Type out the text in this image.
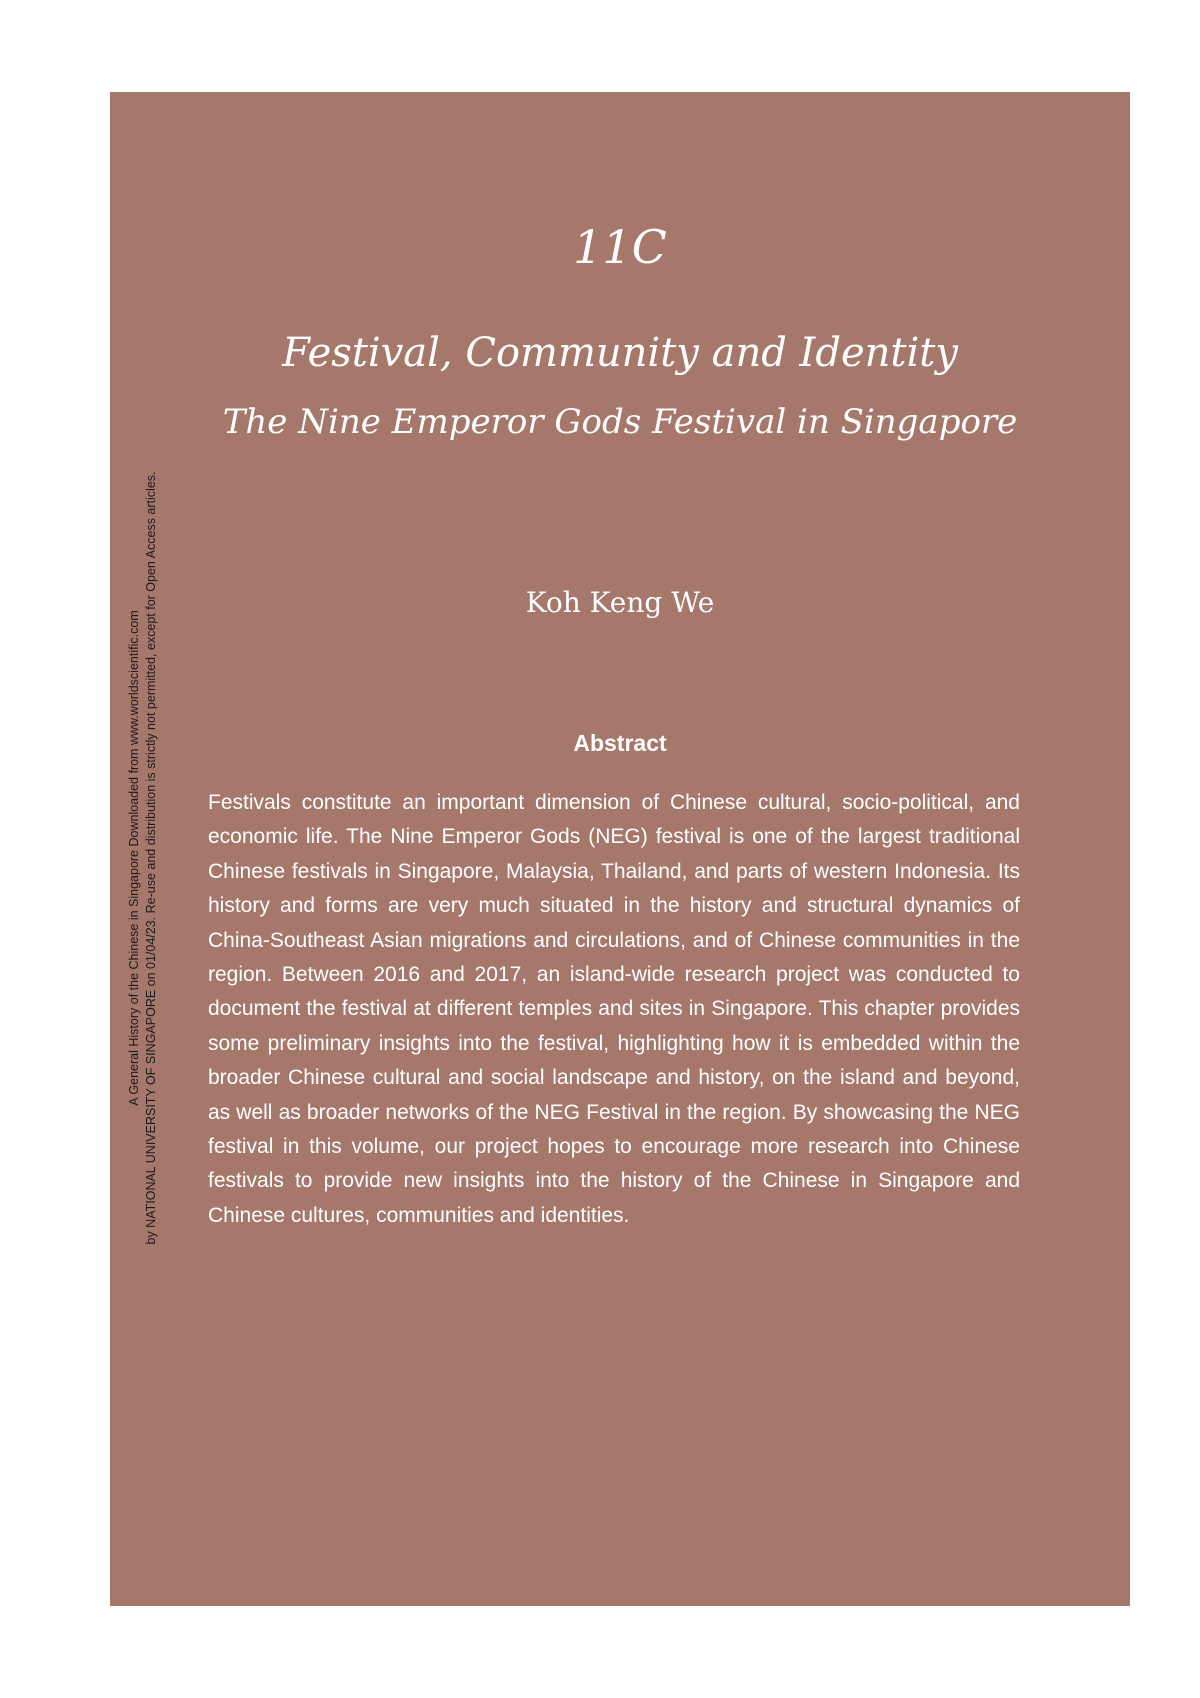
11C
Festival, Community and Identity
The Nine Emperor Gods Festival in Singapore
Koh Keng We
Abstract
Festivals constitute an important dimension of Chinese cultural, socio-political, and economic life. The Nine Emperor Gods (NEG) festival is one of the largest traditional Chinese festivals in Singapore, Malaysia, Thailand, and parts of western Indonesia. Its history and forms are very much situated in the history and structural dynamics of China-Southeast Asian migrations and circulations, and of Chinese communities in the region. Between 2016 and 2017, an island-wide research project was conducted to document the festival at different temples and sites in Singapore. This chapter provides some preliminary insights into the festival, highlighting how it is embedded within the broader Chinese cultural and social landscape and history, on the island and beyond, as well as broader networks of the NEG Festival in the region. By showcasing the NEG festival in this volume, our project hopes to encourage more research into Chinese festivals to provide new insights into the history of the Chinese in Singapore and Chinese cultures, communities and identities.
A General History of the Chinese in Singapore Downloaded from www.worldscientific.com by NATIONAL UNIVERSITY OF SINGAPORE on 01/04/23. Re-use and distribution is strictly not permitted, except for Open Access articles.
